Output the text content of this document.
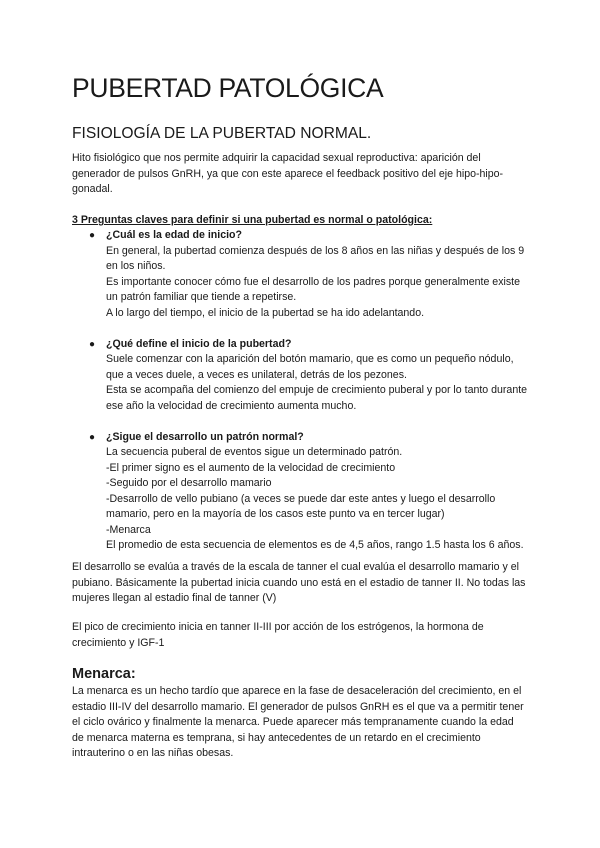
PUBERTAD PATOLÓGICA
FISIOLOGÍA DE LA PUBERTAD NORMAL.

Hito fisiológico que nos permite adquirir la capacidad sexual reproductiva: aparición del generador de pulsos GnRH, ya que con este aparece el feedback positivo del eje hipo-hipo-gonadal.

3 Preguntas claves para definir si una pubertad es normal o patológica:

● ¿Cuál es la edad de inicio?
En general, la pubertad comienza después de los 8 años en las niñas y después de los 9 en los niños.
Es importante conocer cómo fue el desarrollo de los padres porque generalmente existe un patrón familiar que tiende a repetirse.
A lo largo del tiempo, el inicio de la pubertad se ha ido adelantando.
● ¿Qué define el inicio de la pubertad?
Suele comenzar con la aparición del botón mamario, que es como un pequeño nódulo, que a veces duele, a veces es unilateral, detrás de los pezones.
Esta se acompaña del comienzo del empuje de crecimiento puberal y por lo tanto durante ese año la velocidad de crecimiento aumenta mucho.
● ¿Sigue el desarrollo un patrón normal?
La secuencia puberal de eventos sigue un determinado patrón.
-El primer signo es el aumento de la velocidad de crecimiento
-Seguido por el desarrollo mamario
-Desarrollo de vello pubiano (a veces se puede dar este antes y luego el desarrollo mamario, pero en la mayoría de los casos este punto va en tercer lugar)
-Menarca
El promedio de esta secuencia de elementos es de 4,5 años, rango 1.5 hasta los 6 años.

El desarrollo se evalúa a través de la escala de tanner el cual evalúa el desarrollo mamario y el pubiano. Básicamente la pubertad inicia cuando uno está en el estadio de tanner II. No todas las mujeres llegan al estadio final de tanner (V)

El pico de crecimiento inicia en tanner II-III por acción de los estrógenos, la hormona de crecimiento y IGF-1

Menarca:

La menarca es un hecho tardío que aparece en la fase de desaceleración del crecimiento, en el estadio III-IV del desarrollo mamario. El generador de pulsos GnRH es el que va a permitir tener el ciclo ovárico y finalmente la menarca. Puede aparecer más tempranamente cuando la edad de menarca materna es temprana, si hay antecedentes de un retardo en el crecimiento intrauterino o en las niñas obesas.
